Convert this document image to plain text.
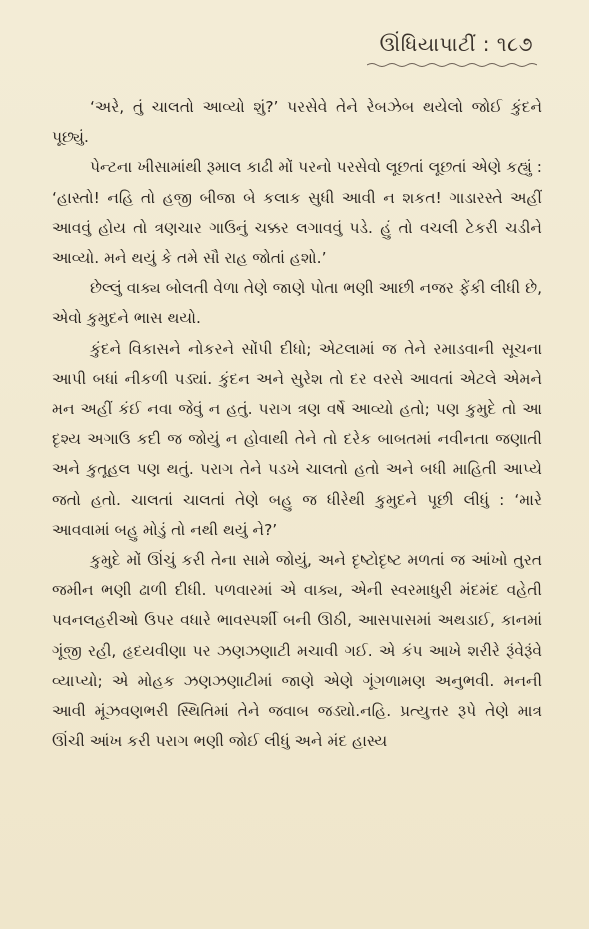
ઊંધિયાપાટીં : ૧૮૭

‘અરે, તું ચાલતો આવ્યો શું?’ પરસેવે તેને રેબઝેબ થયેલો જોઈ કુંદને પૂછ્યું.

પેન્ટના ખીસામાંથી રૂમાલ કાઢી મોં પરનો પરસેવો લૂછતાં લૂછતાં એણે કહ્યું : ‘હાસ્તો! નહિ તો હજી બીજા બે કલાક સુધી આવી ન શકત! ગાડારસ્તે અહીં આવવું હોય તો ત્રણચાર ગાઉનું ચક્કર લગાવવું પડે. હું તો વચલી ટેકરી ચડીને આવ્યો. મને થયું કે તમે સૌ રાહ જોતાં હશો.’

છેલ્લું વાક્ય બોલતી વેળા તેણે જાણે પોતા ભણી આછી નજર ફેંકી લીધી છે, એવો કુમુદને ભાસ થયો.

કુંદને વિકાસને નોકરને સોંપી દીધો; એટલામાં જ તેને રમાડવાની સૂચના આપી બધાં નીકળી પડ્યાં. કુંદન અને સુરેશ તો દર વરસે આવતાં એટલે એમને મન અહીં કંઈ નવા જેવું ન હતું. પરાગ ત્રણ વર્ષે આવ્યો હતો; પણ કુમુદે તો આ દૃશ્ય અગાઉ કદી જ જોયું ન હોવાથી તેને તો દરેક બાબતમાં નવીનતા જણાતી અને કુતૂહલ પણ થતું. પરાગ તેને પડખે ચાલતો હતો અને બધી માહિતી આપ્યે જતો હતો. ચાલતાં ચાલતાં તેણે બહુ જ ધીરેથી કુમુદને પૂછી લીધું : ‘મારે આવવામાં બહુ મોડું તો નથી થયું ને?’

કુમુદે મોં ઊંચું કરી તેના સામે જોયું, અને દૃષ્ટોદૃષ્ટ મળતાં જ આંખો તુરત જમીન ભણી ઢાળી દીધી. પળવારમાં એ વાક્ય, એની સ્વરમાધુરી મંદમંદ વહેતી પવનલહરીઓ ઉપર વધારે ભાવસ્પર્શી બની ઊઠી, આસપાસમાં અથડાઈ, કાનમાં ગૂંજી રહી, હૃદયવીણા પર ઝણઝણાટી મચાવી ગઈ. એ કંપ આખે શરીરે રૂંવેરૂંવે વ્યાપ્યો; એ મોહક ઝણઝણાટીમાં જાણે એણે ગૂંગળામણ અનુભવી. મનની આવી મૂંઝવણભરી સ્થિતિમાં તેને જવાબ જડ્યો.નહિ. પ્રત્યુત્તર રૂપે તેણે માત્ર ઊંચી આંખ કરી પરાગ ભણી જોઈ લીધું અને મંદ હાસ્ય
